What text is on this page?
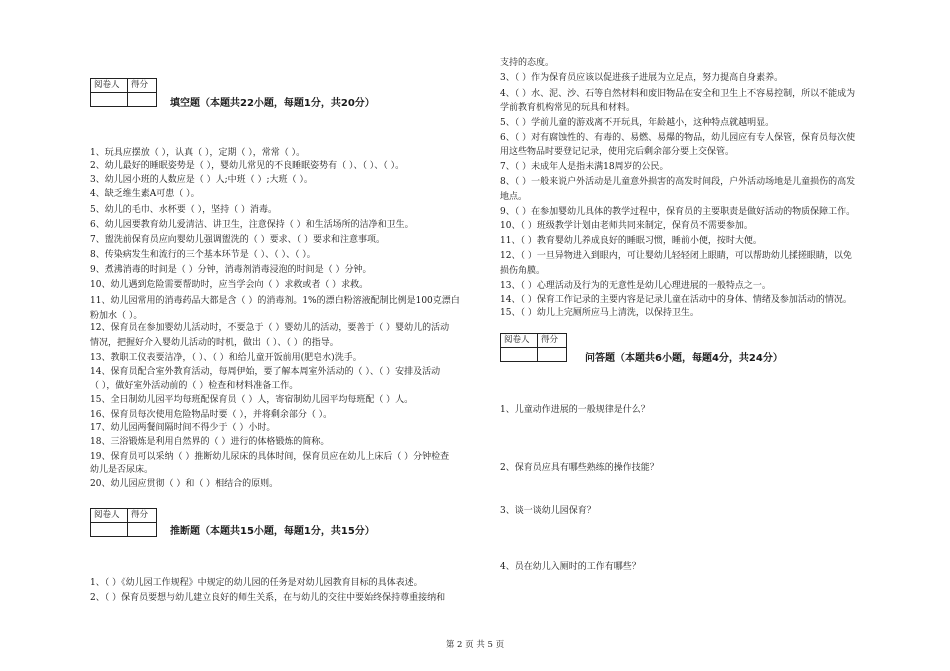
阅卷人	得分

填空题（本题共22小题，每题1分，共20分）
1、玩具应摆放（ ），认真（ ），定期（ ），常常（ ）。
2、幼儿最好的睡眠姿势是（ ），婴幼儿常见的不良睡眠姿势有（ ）、（ ）、（ ）。
3、幼儿园小班的人数应是（ ）人;中班（ ）;大班（ ）。
4、缺乏维生素A可患（ ）。
5、幼儿的毛巾、水杯要（ ），坚持（ ）消毒。
6、幼儿园要教育幼儿爱清洁、讲卫生，注意保持（ ）和生活场所的洁净和卫生。
7、盥洗前保育员应向婴幼儿强调盥洗的（ ）要求、（ ）要求和注意事项。
8、传染病发生和流行的三个基本环节是（ ）、（ ）、（ ）。
9、煮沸消毒的时间是（ ）分钟，消毒剂消毒浸泡的时间是（ ）分钟。
10、幼儿遇到危险需要帮助时，应当学会向（ ）求救或者（ ）求救。
11、幼儿园常用的消毒药品大都是含（ ）的消毒剂。1%的漂白粉溶液配制比例是100克漂白
粉加水（ ）。
12、保育员在参加婴幼儿活动时，不要急于（ ）婴幼儿的活动，要善于（ ）婴幼儿的活动
情况，把握好介入婴幼儿活动的时机，做出（ ）、（ ）的指导。
13、教职工仪表要洁净，（ ）、（ ）和给儿童开饭前用(肥皂水)洗手。
14、保育员配合室外教育活动，每周伊始，要了解本周室外活动的（ ）、（ ）安排及活动
（ ），做好室外活动前的（ ）检查和材料准备工作。
15、全日制幼儿园平均每班配保育员（ ）人，寄宿制幼儿园平均每班配（ ）人。
16、保育员每次使用危险物品时要（ ），并将剩余部分（ ）。
17、幼儿园两餐间隔时间不得少于（ ）小时。
18、三浴锻炼是利用自然界的（ ）进行的体格锻炼的简称。
19、保育员可以采纳（ ）推断幼儿尿床的具体时间，保育员应在幼儿上床后（ ）分钟检查
幼儿是否尿床。
20、幼儿园应贯彻（ ）和（ ）相结合的原则。
阅卷人	得分

推断题（本题共15小题，每题1分，共15分）
1、（ ）《幼儿园工作规程》中规定的幼儿园的任务是对幼儿园教育目标的具体表述。
2、（ ）保育员要想与幼儿建立良好的师生关系，在与幼儿的交往中要始终保持尊重接纳和
支持的态度。
3、（ ）作为保育员应该以促进孩子进展为立足点，努力提高自身素养。
4、（ ）水、泥、沙、石等自然材料和废旧物品在安全和卫生上不容易控制，所以不能成为
学前教育机构常见的玩具和材料。
5、（ ）学前儿童的游戏离不开玩具，年龄越小，这种特点就越明显。
6、（ ）对有腐蚀性的、有毒的、易燃、易爆的物品，幼儿园应有专人保管，保育员每次使
用这些物品时要登记记录，使用完后剩余部分要上交保管。
7、（ ）未成年人是指未满18周岁的公民。
8、（ ）一般来说户外活动是儿童意外损害的高发时间段，户外活动场地是儿童损伤的高发
地点。
9、（ ）在参加婴幼儿具体的教学过程中，保育员的主要职责是做好活动的物质保障工作。
10、（ ）班级教学计划由老师共同来制定，保育员不需要参加。
11、（ ）教育婴幼儿养成良好的睡眠习惯，睡前小便，按时大便。
12、（ ）一旦异物进入到眼内，可让婴幼儿轻轻闭上眼睛，可以帮助幼儿揉搓眼睛，以免
损伤角膜。
13、（ ）心理活动及行为的无意性是幼儿心理进展的一般特点之一。
14、（ ）保育工作记录的主要内容是记录儿童在活动中的身体、情绪及参加活动的情况。
15、（ ）幼儿上完厕所应马上清洗，以保持卫生。
阅卷人	得分

问答题（本题共6小题，每题4分，共24分）
1、儿童动作进展的一般规律是什么？
2、保育员应具有哪些熟练的操作技能？
3、谈一谈幼儿园保育？
4、员在幼儿入厕时的工作有哪些？
第 2 页 共 5 页
